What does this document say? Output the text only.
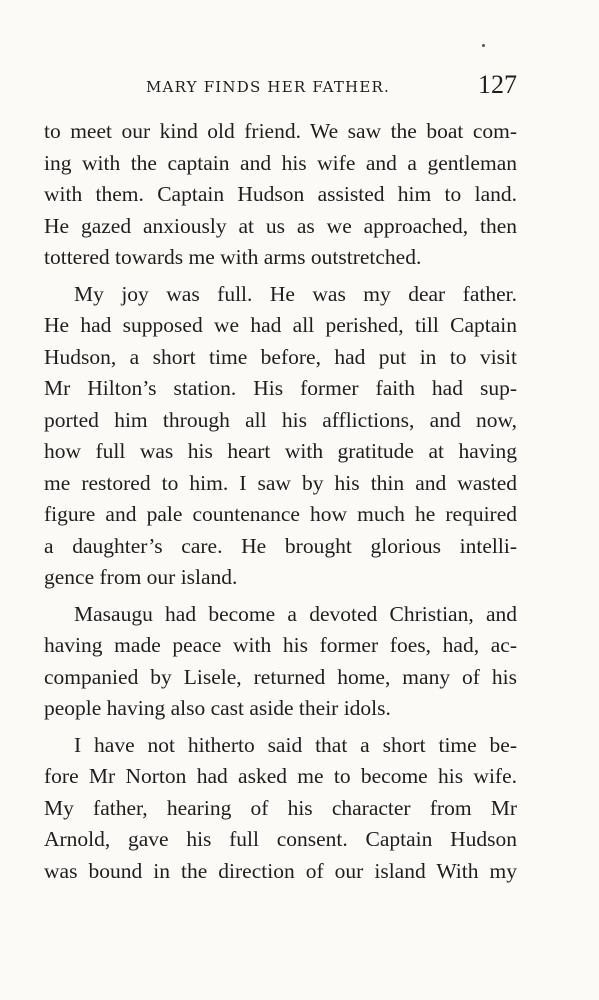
MARY FINDS HER FATHER.	127

to meet our kind old friend. We saw the boat com-
ing with the captain and his wife and a gentleman
with them. Captain Hudson assisted him to land.
He gazed anxiously at us as we approached, then
tottered towards me with arms outstretched.

My joy was full. He was my dear father.
He had supposed we had all perished, till Captain
Hudson, a short time before, had put in to visit
Mr Hilton’s station. His former faith had sup-
ported him through all his afflictions, and now,
how full was his heart with gratitude at having
me restored to him. I saw by his thin and wasted
figure and pale countenance how much he required
a daughter’s care. He brought glorious intelli-
gence from our island.

Masaugu had become a devoted Christian, and
having made peace with his former foes, had, ac-
companied by Lisele, returned home, many of his
people having also cast aside their idols.

I have not hitherto said that a short time be-
fore Mr Norton had asked me to become his wife.
My father, hearing of his character from Mr
Arnold, gave his full consent. Captain Hudson
was bound in the direction of our island With my
